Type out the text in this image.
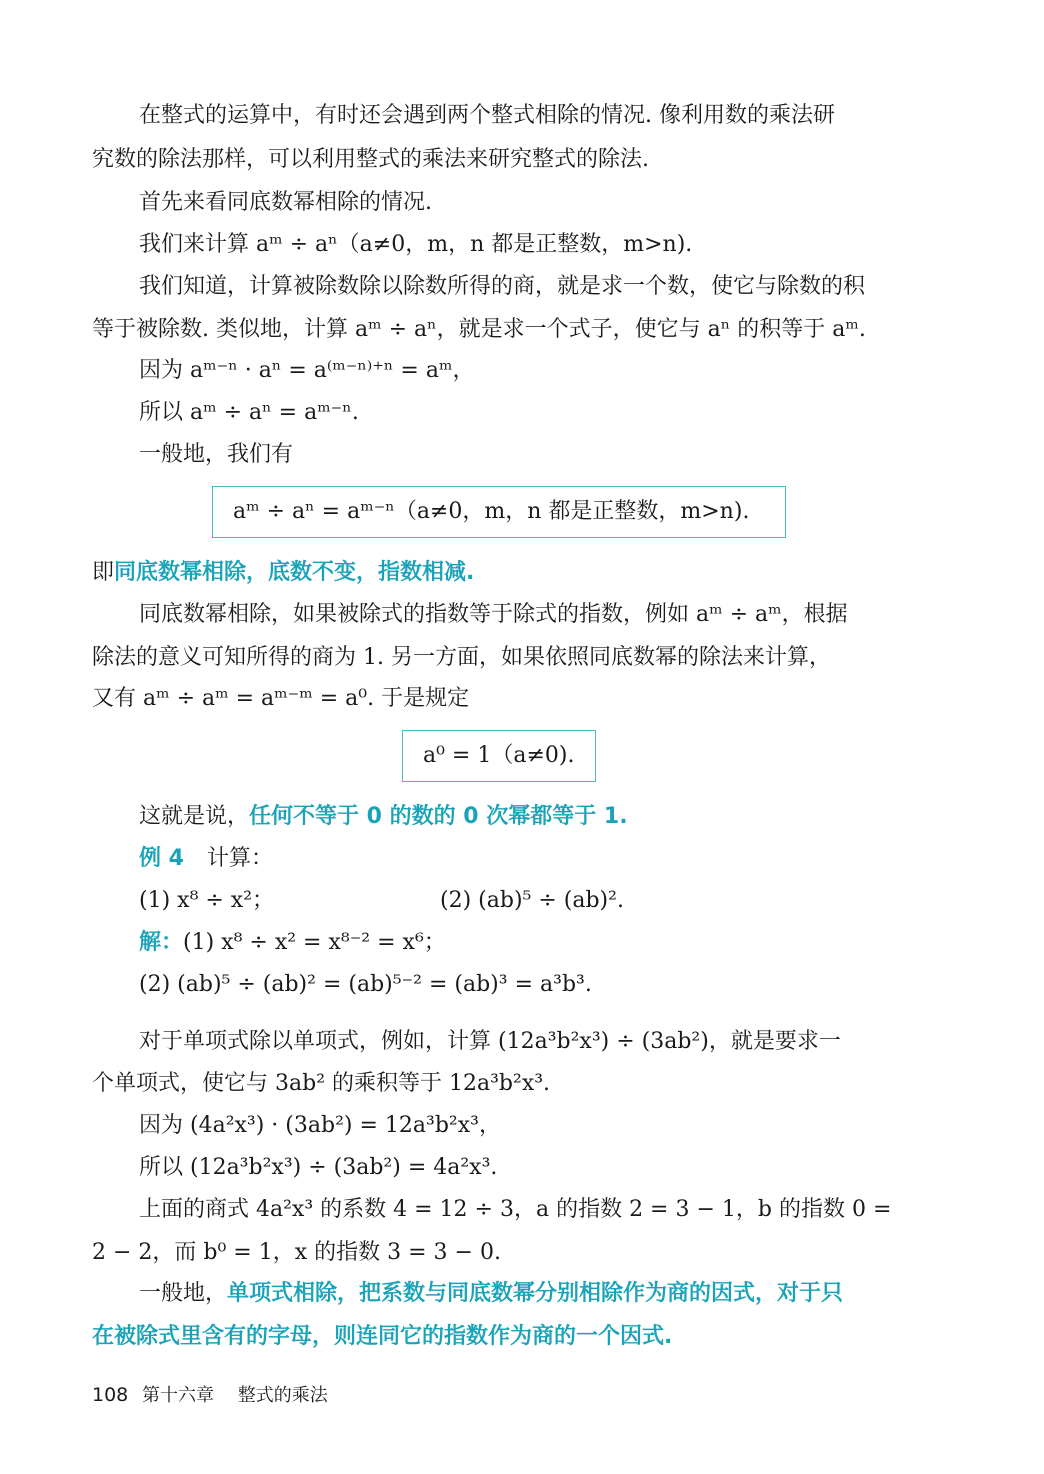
在整式的运算中，有时还会遇到两个整式相除的情况. 像利用数的乘法研
究数的除法那样，可以利用整式的乘法来研究整式的除法.
首先来看同底数幂相除的情况.
我们来计算 aᵐ ÷ aⁿ（a≠0，m，n 都是正整数，m>n).
我们知道，计算被除数除以除数所得的商，就是求一个数，使它与除数的积
等于被除数. 类似地，计算 aᵐ ÷ aⁿ，就是求一个式子，使它与 aⁿ 的积等于 aᵐ.
因为 aᵐ⁻ⁿ · aⁿ = a⁽ᵐ⁻ⁿ⁾⁺ⁿ = aᵐ，
所以 aᵐ ÷ aⁿ = aᵐ⁻ⁿ.
一般地，我们有
aᵐ ÷ aⁿ = aᵐ⁻ⁿ（a≠0，m，n 都是正整数，m>n).
即同底数幂相除，底数不变，指数相减.
同底数幂相除，如果被除式的指数等于除式的指数，例如 aᵐ ÷ aᵐ，根据
除法的意义可知所得的商为 1. 另一方面，如果依照同底数幂的除法来计算，
又有 aᵐ ÷ aᵐ = aᵐ⁻ᵐ = a⁰. 于是规定
a⁰ = 1（a≠0).
这就是说，任何不等于 0 的数的 0 次幂都等于 1.
例 4 计算：
(1) x⁸ ÷ x²；	(2) (ab)⁵ ÷ (ab)².
解：(1) x⁸ ÷ x² = x⁸⁻² = x⁶；
(2) (ab)⁵ ÷ (ab)² = (ab)⁵⁻² = (ab)³ = a³b³.
对于单项式除以单项式，例如，计算 (12a³b²x³) ÷ (3ab²)，就是要求一
个单项式，使它与 3ab² 的乘积等于 12a³b²x³.
因为 (4a²x³) · (3ab²) = 12a³b²x³，
所以 (12a³b²x³) ÷ (3ab²) = 4a²x³.
上面的商式 4a²x³ 的系数 4 = 12 ÷ 3，a 的指数 2 = 3 − 1，b 的指数 0 =
2 − 2，而 b⁰ = 1，x 的指数 3 = 3 − 0.
一般地，单项式相除，把系数与同底数幂分别相除作为商的因式，对于只
在被除式里含有的字母，则连同它的指数作为商的一个因式.
108 第十六章 整式的乘法
